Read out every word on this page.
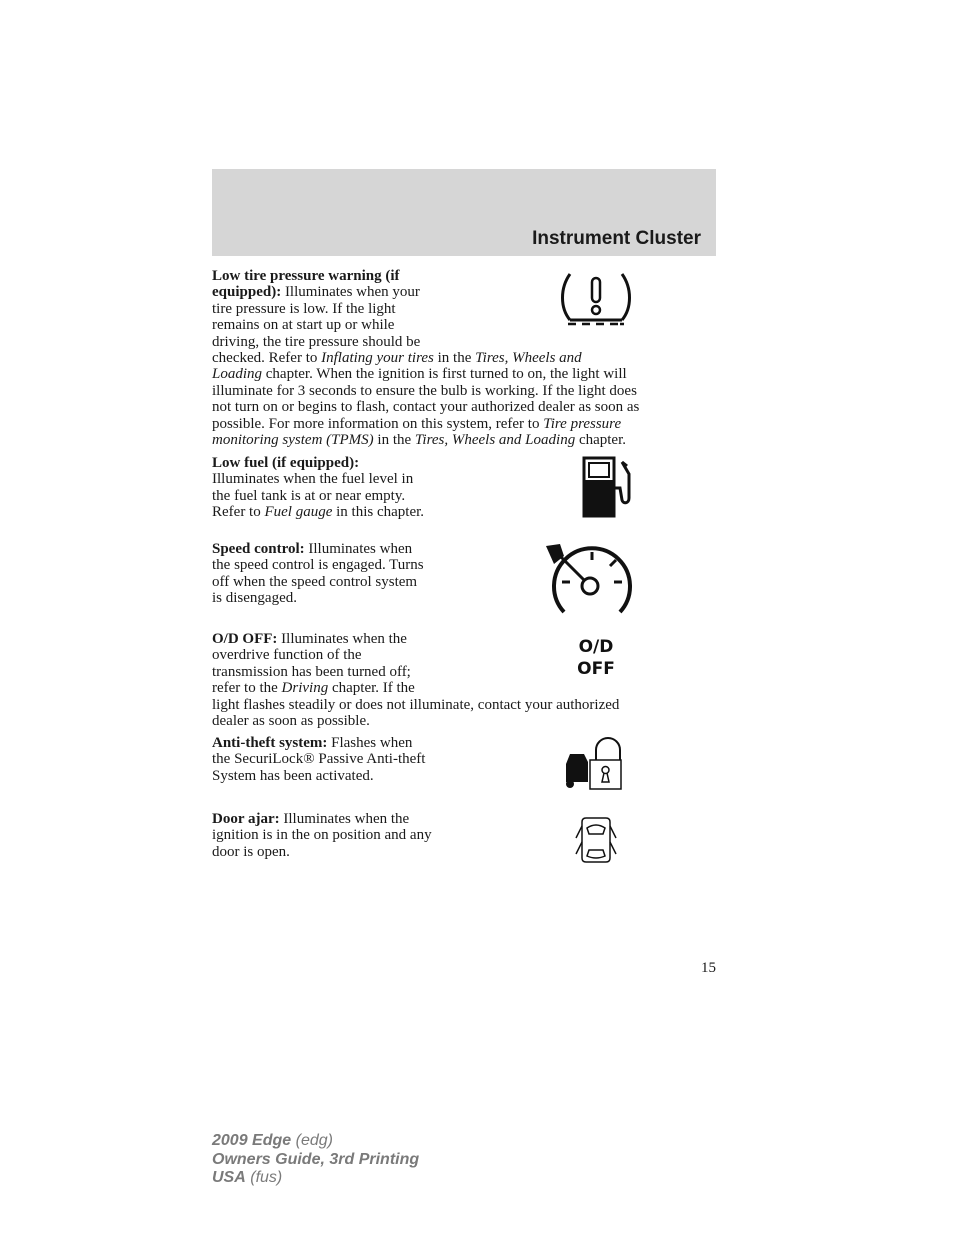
Instrument Cluster
Low tire pressure warning (if
equipped): Illuminates when your
tire pressure is low. If the light
remains on at start up or while
driving, the tire pressure should be
checked. Refer to Inflating your tires in the Tires, Wheels and
Loading chapter. When the ignition is first turned to on, the light will
illuminate for 3 seconds to ensure the bulb is working. If the light does
not turn on or begins to flash, contact your authorized dealer as soon as
possible. For more information on this system, refer to Tire pressure
monitoring system (TPMS) in the Tires, Wheels and Loading chapter.
Low fuel (if equipped):
Illuminates when the fuel level in
the fuel tank is at or near empty.
Refer to Fuel gauge in this chapter.
Speed control: Illuminates when
the speed control is engaged. Turns
off when the speed control system
is disengaged.
O/D OFF: Illuminates when the
overdrive function of the
transmission has been turned off;
refer to the Driving chapter. If the
light flashes steadily or does not illuminate, contact your authorized
dealer as soon as possible.
O/D
OFF
Anti-theft system: Flashes when
the SecuriLock® Passive Anti-theft
System has been activated.
Door ajar: Illuminates when the
ignition is in the on position and any
door is open.
15
2009 Edge (edg)
Owners Guide, 3rd Printing
USA (fus)
